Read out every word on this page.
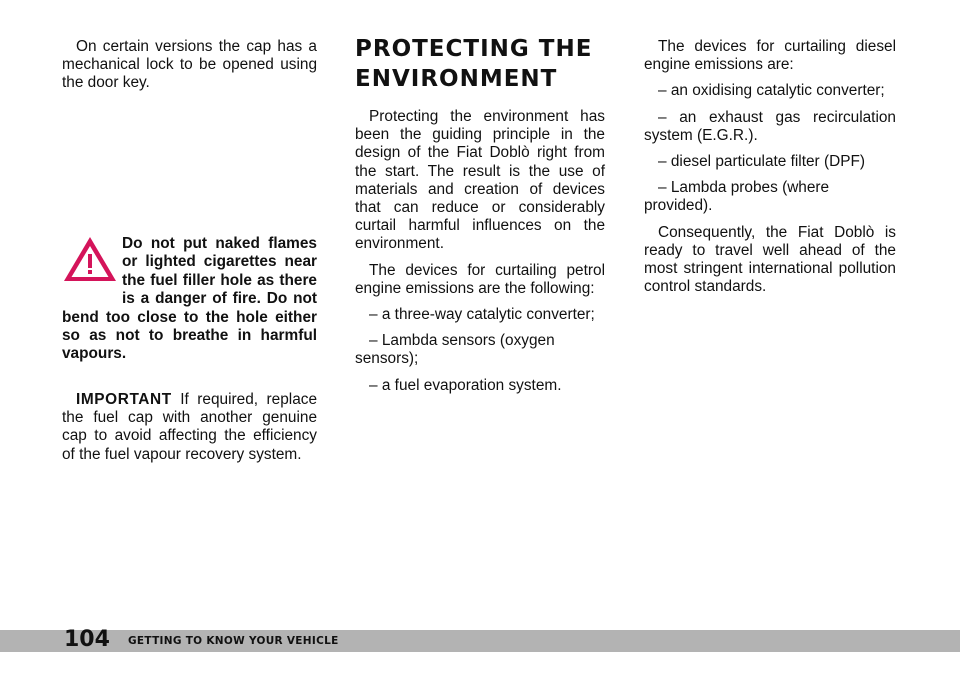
On certain versions the cap has a mechanical lock to be opened using the door key.

Do not put naked flames or lighted cigarettes near the fuel filler hole as there is a danger of fire. Do not bend too close to the hole either so as not to breathe in harmful vapours.

IMPORTANT If required, replace the fuel cap with another genuine cap to avoid affecting the efficiency of the fuel vapour recovery system.

PROTECTING THE ENVIRONMENT

Protecting the environment has been the guiding principle in the design of the Fiat Doblò right from the start. The result is the use of materials and creation of devices that can reduce or considerably curtail harmful influences on the environment.

The devices for curtailing petrol engine emissions are the following:

– a three-way catalytic converter;

– Lambda sensors (oxygen sensors);

– a fuel evaporation system.

The devices for curtailing diesel engine emissions are:

– an oxidising catalytic converter;

– an exhaust gas recirculation system (E.G.R.).

– diesel particulate filter (DPF)

– Lambda probes (where provided).

Consequently, the Fiat Doblò is ready to travel well ahead of the most stringent international pollution control standards.

104 GETTING TO KNOW YOUR VEHICLE
